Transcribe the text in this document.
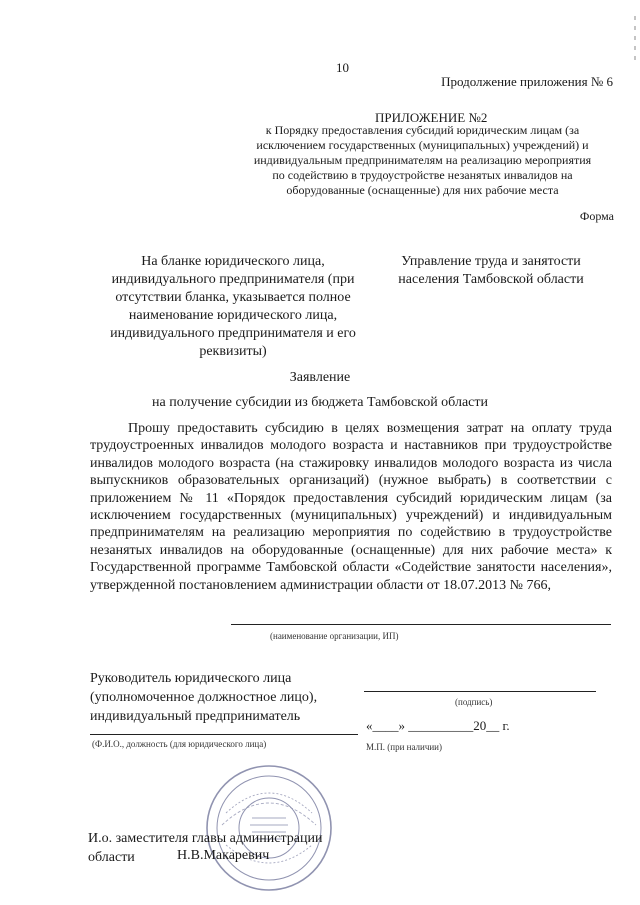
10
Продолжение приложения № 6
ПРИЛОЖЕНИЕ №2
к Порядку предоставления субсидий юридическим лицам (за исключением государственных (муниципальных) учреждений) и индивидуальным предпринимателям на реализацию мероприятия по содействию в трудоустройстве незанятых инвалидов на оборудованные (оснащенные) для них рабочие места
Форма
На бланке юридического лица, индивидуального предпринимателя (при отсутствии бланка, указывается полное наименование юридического лица, индивидуального предпринимателя и его реквизиты)
Управление труда и занятости населения Тамбовской области
Заявление
на получение субсидии из бюджета Тамбовской области
Прошу предоставить субсидию в целях возмещения затрат на оплату труда трудоустроенных инвалидов молодого возраста и наставников при трудоустройстве инвалидов молодого возраста (на стажировку инвалидов молодого возраста из числа выпускников образовательных организаций) (нужное выбрать) в соответствии с приложением № 11 «Порядок предоставления субсидий юридическим лицам (за исключением государственных (муниципальных) учреждений) и индивидуальным предпринимателям на реализацию мероприятия по содействию в трудоустройстве незанятых инвалидов на оборудованные (оснащенные) для них рабочие места» к Государственной программе Тамбовской области «Содействие занятости населения», утвержденной постановлением администрации области от 18.07.2013 № 766,
(наименование организации, ИП)
Руководитель юридического лица
(уполномоченное должностное лицо),
индивидуальный предприниматель
(Ф.И.О., должность (для юридического лица)
(подпись)
«____» __________20__ г.
М.П. (при наличии)
И.о. заместителя главы администрации
области	Н.В.Макаревич
